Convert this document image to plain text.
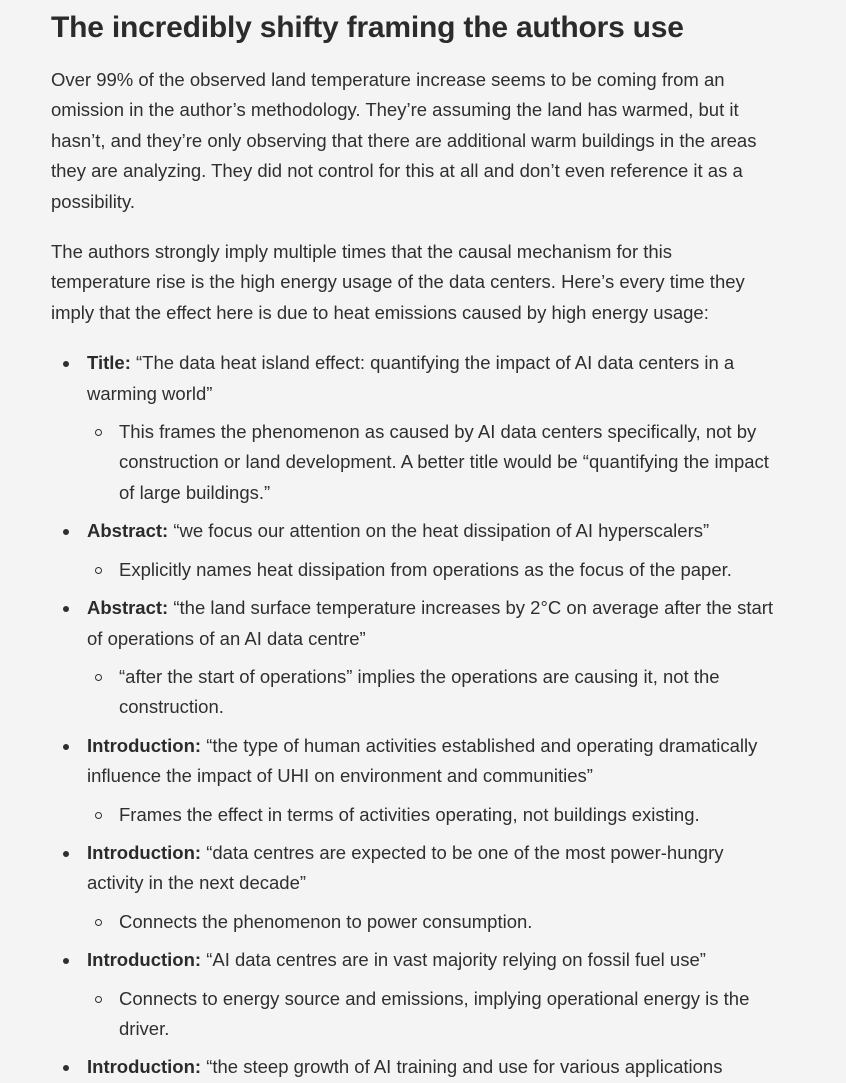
The incredibly shifty framing the authors use

Over 99% of the observed land temperature increase seems to be coming from an omission in the author’s methodology. They’re assuming the land has warmed, but it hasn’t, and they’re only observing that there are additional warm buildings in the areas they are analyzing. They did not control for this at all and don’t even reference it as a possibility.

The authors strongly imply multiple times that the causal mechanism for this temperature rise is the high energy usage of the data centers. Here’s every time they imply that the effect here is due to heat emissions caused by high energy usage:

Title: “The data heat island effect: quantifying the impact of AI data centers in a warming world”
This frames the phenomenon as caused by AI data centers specifically, not by construction or land development. A better title would be “quantifying the impact of large buildings.”
Abstract: “we focus our attention on the heat dissipation of AI hyperscalers”
Explicitly names heat dissipation from operations as the focus of the paper.
Abstract: “the land surface temperature increases by 2°C on average after the start of operations of an AI data centre”
“after the start of operations” implies the operations are causing it, not the construction.
Introduction: “the type of human activities established and operating dramatically influence the impact of UHI on environment and communities”
Frames the effect in terms of activities operating, not buildings existing.
Introduction: “data centres are expected to be one of the most power-hungry activity in the next decade”
Connects the phenomenon to power consumption.
Introduction: “AI data centres are in vast majority relying on fossil fuel use”
Connects to energy source and emissions, implying operational energy is the driver.
Introduction: “the steep growth of AI training and use for various applications
